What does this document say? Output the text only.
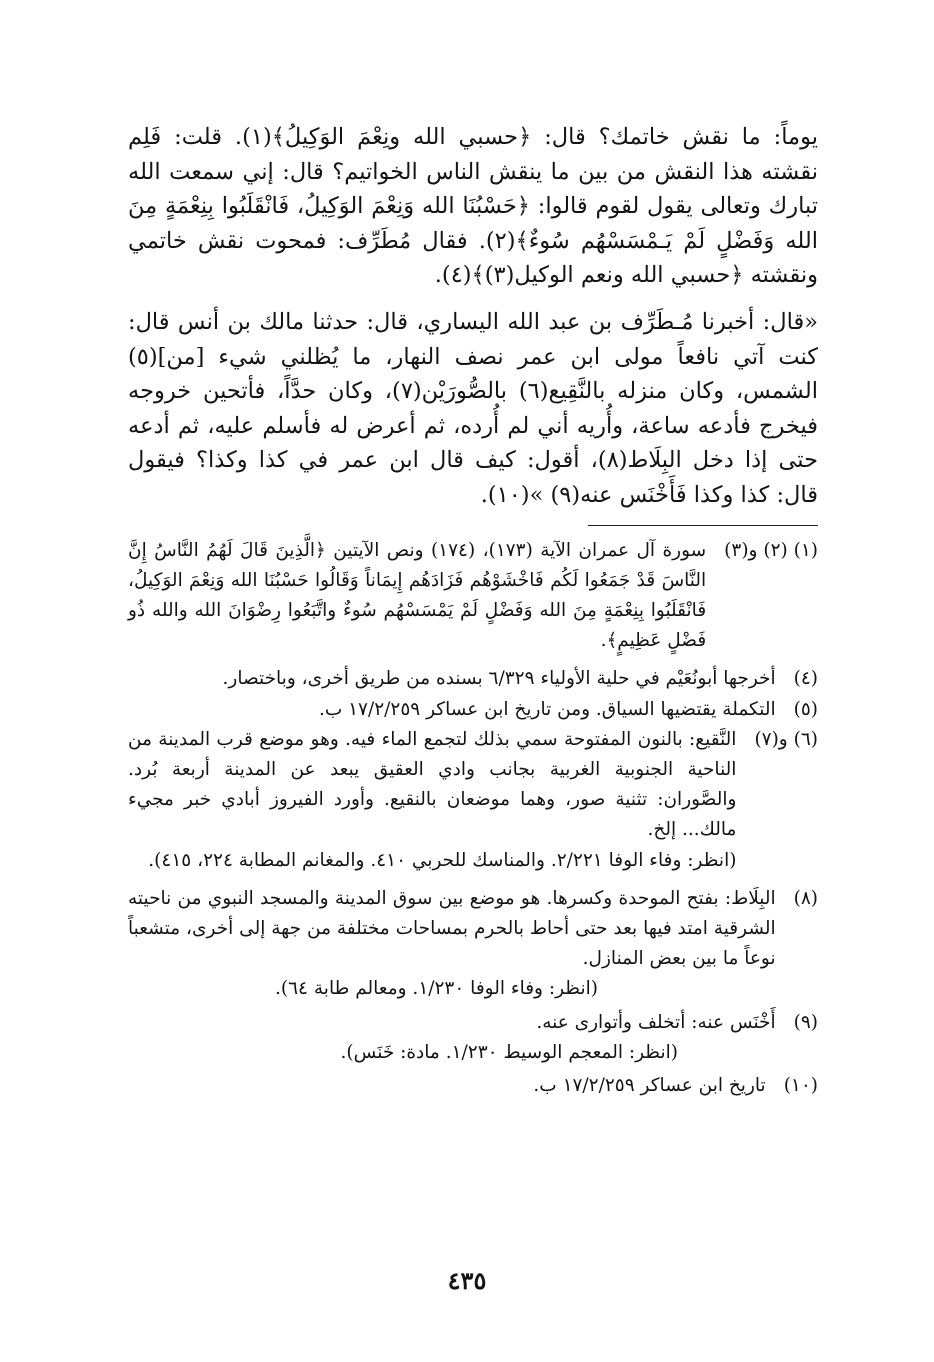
يوماً: ما نقش خاتمك؟ قال: ﴿حسبي الله ونِعْمَ الوَكِيلُ﴾(١). قلت: فَلِم نقشته هذا النقش من بين ما ينقش الناس الخواتيم؟ قال: إني سمعت الله تبارك وتعالى يقول لقوم قالوا: ﴿حَسْبُنَا الله وَنِعْمَ الوَكِيلُ، فَانْقَلَبُوا بِنِعْمَةٍ مِنَ الله وَفَضْلٍ لَمْ يَـمْسَسْهُم سُوءٌ﴾(٢). فقال مُطَرِّف: فمحوت نقش خاتمي ونقشته ﴿حسبي الله ونعم الوكيل(٣)﴾(٤).

«قال: أخبرنا مُـطَرِّف بن عبد الله اليساري، قال: حدثنا مالك بن أنس قال: كنت آتي نافعاً مولى ابن عمر نصف النهار، ما يُظلني شيء [من](٥) الشمس، وكان منزله بالنَّقِيع(٦) بالصُّورَيْن(٧)، وكان حدَّاً، فأتحين خروجه فيخرج فأدعه ساعة، وأُريه أني لم أُرده، ثم أعرض له فأسلم عليه، ثم أدعه حتى إذا دخل البِلَاط(٨)، أقول: كيف قال ابن عمر في كذا وكذا؟ فيقول قال: كذا وكذا فَأَخْنَس عنه(٩) »(١٠).

(١) (٢) و(٣)
سورة آل عمران الآية (١٧٣)، (١٧٤) ونص الآيتين ﴿الَّذِينَ قَالَ لَهُمُ النَّاسُ إِنَّ النَّاسَ قَدْ جَمَعُوا لَكُم فَاخْشَوْهُم فَزَادَهُم إِيمَاناً وَقَالُوا حَسْبُنَا الله وَنِعْمَ الوَكِيلُ، فَانْقَلَبُوا بِنِعْمَةٍ مِنَ الله وَفَضْلٍ لَمْ يَمْسَسْهُم سُوءٌ واتَّبَعُوا رِضْوَانَ الله والله ذُو فَضْلٍ عَظِيمٍ﴾.
(٤)
أخرجها أبونُعَيْم في حلية الأولياء ٦/٣٢٩ بسنده من طريق أخرى، وباختصار.
(٥)
التكملة يقتضيها السياق. ومن تاريخ ابن عساكر ١٧/٢/٢٥٩ ب.
(٦) و(٧)
النَّقيع: بالنون المفتوحة سمي بذلك لتجمع الماء فيه. وهو موضع قرب المدينة من الناحية الجنوبية الغربية بجانب وادي العقيق يبعد عن المدينة أربعة بُرد. والصَّوران: تثنية صور، وهما موضعان بالنقيع. وأورد الفيروز أبادي خبر مجيء مالك... إلخ.
(انظر: وفاء الوفا ٢/٢٢١. والمناسك للحربي ٤١٠. والمغانم المطابة ٢٢٤، ٤١٥).
(٨)
البِلَاط: بفتح الموحدة وكسرها. هو موضع بين سوق المدينة والمسجد النبوي من ناحيته الشرقية امتد فيها بعد حتى أحاط بالحرم بمساحات مختلفة من جهة إلى أخرى، متشعباً نوعاً ما بين بعض المنازل.

(انظر: وفاء الوفا ١/٢٣٠. ومعالم طابة ٦٤).

(٩)
أَخْنَس عنه: أتخلف وأتوارى عنه.

(انظر: المعجم الوسيط ١/٢٣٠. مادة: خَنَس).

(١٠)
تاريخ ابن عساكر ١٧/٢/٢٥٩ ب.
٤٣٥
